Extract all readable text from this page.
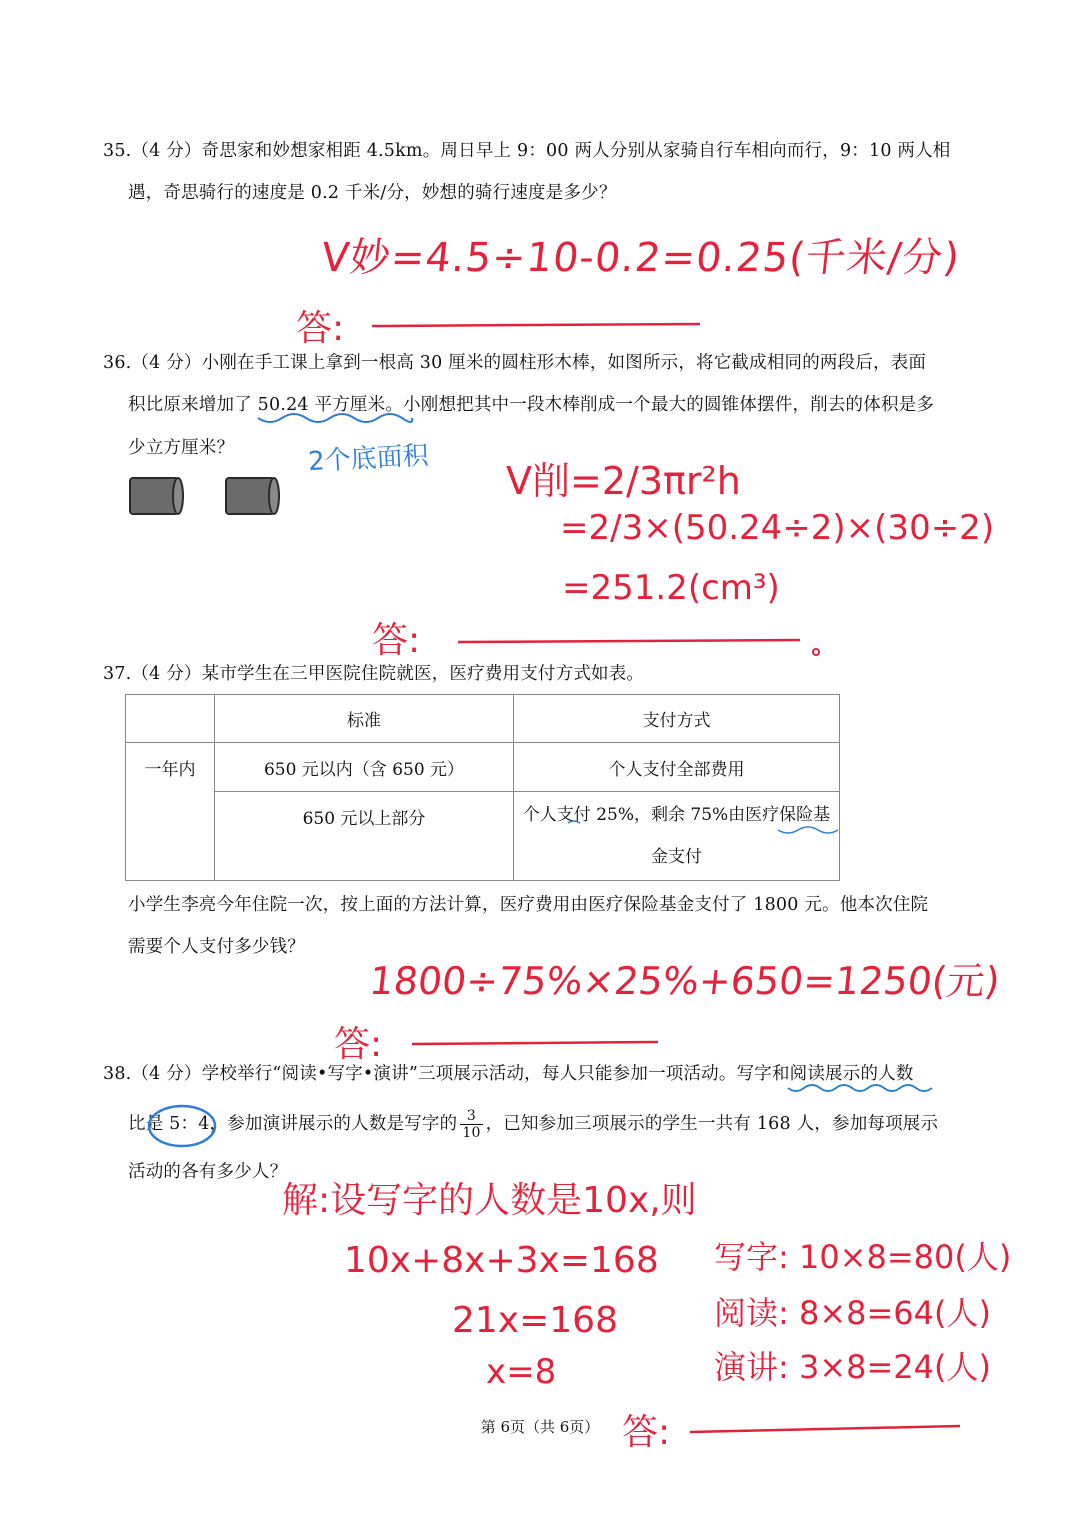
35.（4 分）奇思家和妙想家相距 4.5km。周日早上 9：00 两人分别从家骑自行车相向而行，9：10 两人相
遇，奇思骑行的速度是 0.2 千米/分，妙想的骑行速度是多少？
V妙=4.5÷10-0.2=0.25(千米/分)
答:
36.（4 分）小刚在手工课上拿到一根高 30 厘米的圆柱形木棒，如图所示，将它截成相同的两段后，表面
积比原来增加了 50.24 平方厘米。小刚想把其中一段木棒削成一个最大的圆锥体摆件，削去的体积是多
少立方厘米？	2个底面积
V削=2/3πr²h
=2/3×(50.24÷2)×(30÷2)
=251.2(cm³)
答:
37.（4 分）某市学生在三甲医院住院就医，医疗费用支付方式如表。
	标准	支付方式
一年内	650 元以内（含 650 元）	个人支付全部费用
	650 元以上部分	个人支付 25%，剩余 75%由医疗保险基
金支付
小学生李亮今年住院一次，按上面的方法计算，医疗费用由医疗保险基金支付了 1800 元。他本次住院
需要个人支付多少钱？
1800÷75%×25%+650=1250(元)
答:
38.（4 分）学校举行“阅读•写字•演讲”三项展示活动，每人只能参加一项活动。写字和阅读展示的人数
比是 5：4，参加演讲展示的人数是写字的 $\frac{3}{10}$ ，已知参加三项展示的学生一共有 168 人，参加每项展示
活动的各有多少人？
解:设写字的人数是10x,则
10x+8x+3x=168
21x=168
x=8
写字: 10×8=80(人)
阅读: 8×8=64(人)
演讲: 3×8=24(人)
答:
第 6页（共 6页）
